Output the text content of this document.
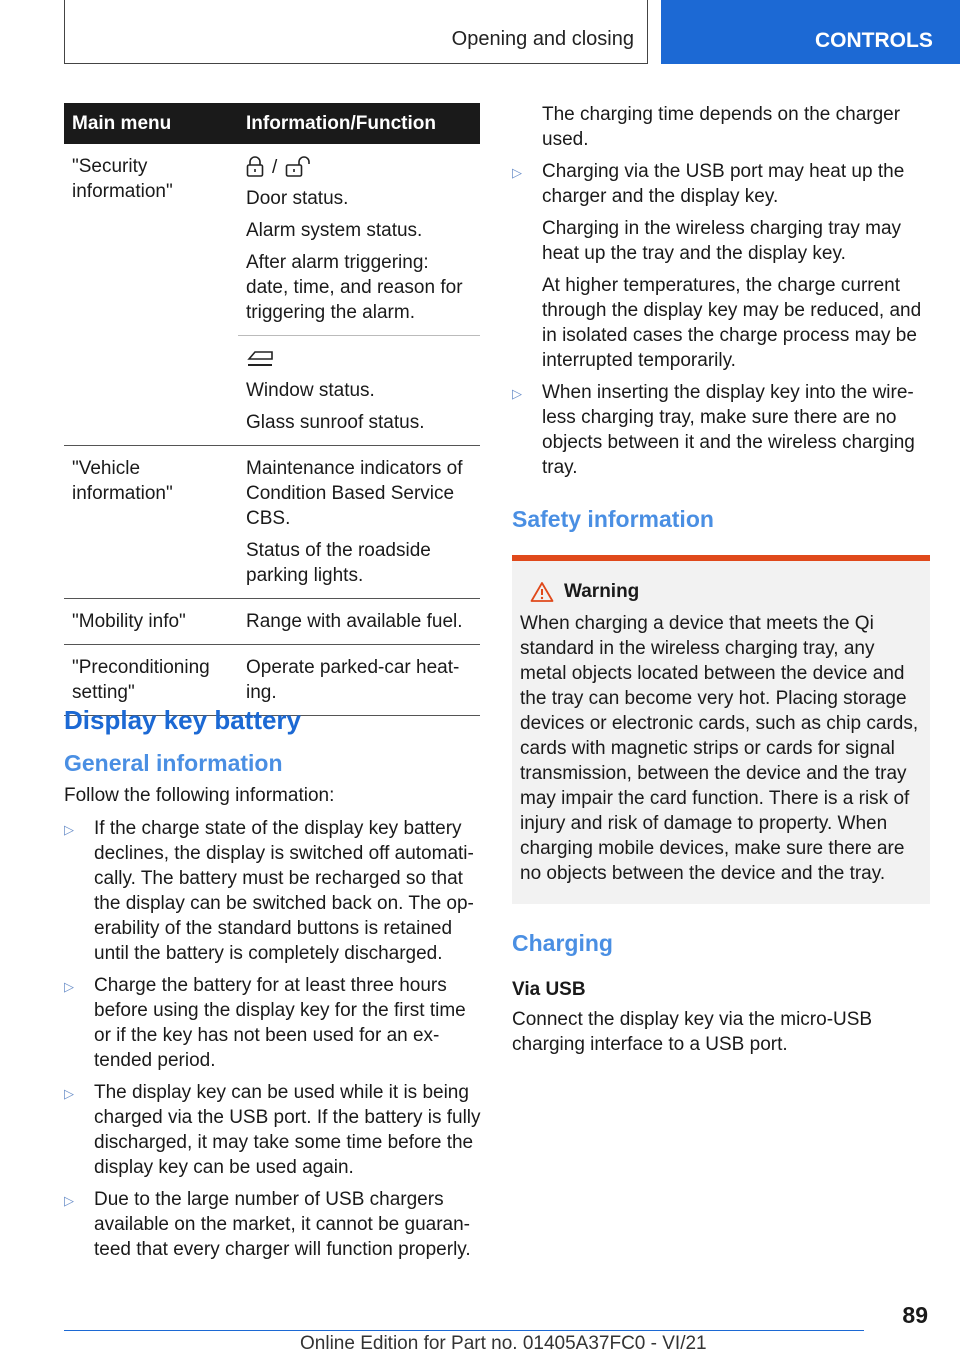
Opening and closing	CONTROLS
Main menu	Information/Function
"Security information"	/

Door status.

Alarm system status.

After alarm triggering: date, time, and reason for triggering the alarm.

	Window status.

Glass sunroof status.

"Vehicle information"	Maintenance indicators of Condition Based Service CBS.

Status of the roadside parking lights.

"Mobility info"	Range with available fuel.

"Preconditioning setting"	Operate parked-car heat-ing.

Display key battery
General information

Follow the following information:

▷ If the charge state of the display key battery declines, the display is switched off automati-cally. The battery must be recharged so that the display can be switched back on. The op-erability of the standard buttons is retained until the battery is completely discharged.
▷ Charge the battery for at least three hours before using the display key for the first time or if the key has not been used for an ex-tended period.
▷ The display key can be used while it is being charged via the USB port. If the battery is fully discharged, it may take some time before the display key can be used again.
▷ Due to the large number of USB chargers available on the market, it cannot be guaran-teed that every charger will function properly.

The charging time depends on the charger used.

▷ Charging via the USB port may heat up the charger and the display key.

Charging in the wireless charging tray may heat up the tray and the display key.

At higher temperatures, the charge current through the display key may be reduced, and in isolated cases the charge process may be interrupted temporarily.

▷ When inserting the display key into the wire-less charging tray, make sure there are no objects between it and the wireless charging tray.
Safety information
Warning

When charging a device that meets the Qi standard in the wireless charging tray, any metal objects located between the device and the tray can become very hot. Placing storage devices or electronic cards, such as chip cards, cards with magnetic strips or cards for signal transmission, between the device and the tray may impair the card function. There is a risk of injury and risk of damage to property. When charging mobile devices, make sure there are no objects between the device and the tray.

Charging
Via USB

Connect the display key via the micro-USB charging interface to a USB port.

89
Online Edition for Part no. 01405A37FC0 - VI/21
